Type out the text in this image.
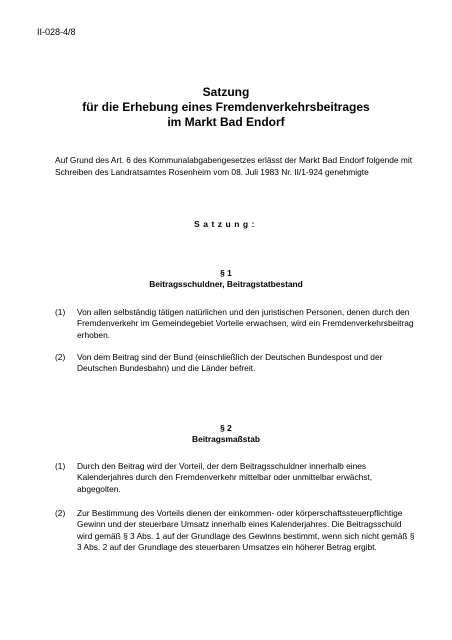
II-028-4/8
Satzung
für die Erhebung eines Fremdenverkehrsbeitrages
im Markt Bad Endorf
Auf Grund des Art. 6 des Kommunalabgabengesetzes erlässt der Markt Bad Endorf folgende mit Schreiben des Landratsamtes Rosenheim vom 08. Juli 1983 Nr. II/1-924 genehmigte
Satzung:
§ 1
Beitragsschuldner, Beitragstatbestand
(1) Von allen selbständig tätigen natürlichen und den juristischen Personen, denen durch den Fremdenverkehr im Gemeindegebiet Vorteile erwachsen, wird ein Fremdenverkehrsbeitrag erhoben.
(2) Von dem Beitrag sind der Bund (einschließlich der Deutschen Bundespost und der Deutschen Bundesbahn) und die Länder befreit.
§ 2
Beitragsmaßstab
(1) Durch den Beitrag wird der Vorteil, der dem Beitragsschuldner innerhalb eines Kalenderjahres durch den Fremdenverkehr mittelbar oder unmittelbar erwächst, abgegolten.
(2) Zur Bestimmung des Vorteils dienen der einkommen- oder körperschaftssteuerpflichtige Gewinn und der steuerbare Umsatz innerhalb eines Kalenderjahres. Die Beitragsschuld wird gemäß § 3 Abs. 1 auf der Grundlage des Gewinns bestimmt, wenn sich nicht gemäß § 3 Abs. 2 auf der Grundlage des steuerbaren Umsatzes ein höherer Betrag ergibt.
